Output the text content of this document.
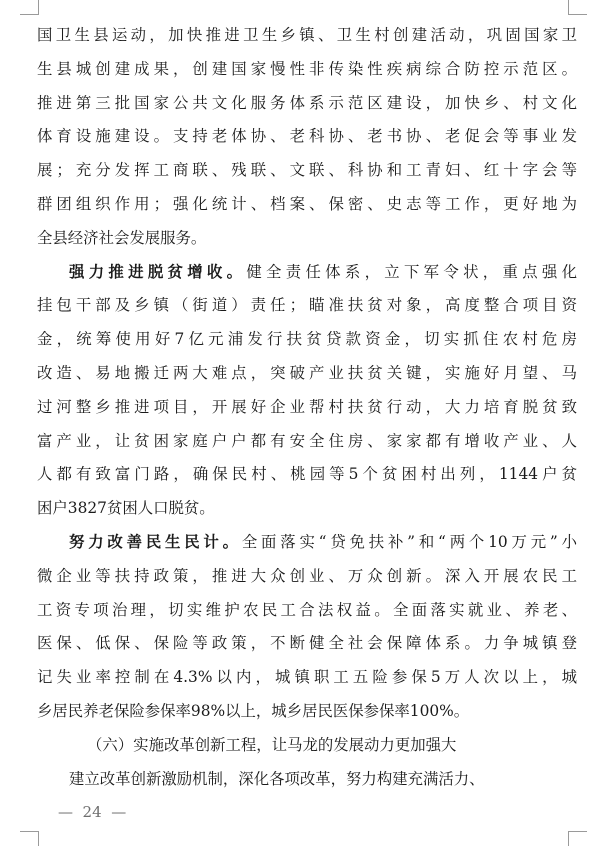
国卫生县运动，加快推进卫生乡镇、卫生村创建活动，巩固国家卫
生县城创建成果，创建国家慢性非传染性疾病综合防控示范区。
推进第三批国家公共文化服务体系示范区建设，加快乡、村文化
体育设施建设。支持老体协、老科协、老书协、老促会等事业发
展；充分发挥工商联、残联、文联、科协和工青妇、红十字会等
群团组织作用；强化统计、档案、保密、史志等工作，更好地为
全县经济社会发展服务。
强力推进脱贫增收。健全责任体系，立下军令状，重点强化
挂包干部及乡镇（街道）责任；瞄准扶贫对象，高度整合项目资
金，统筹使用好7亿元浦发行扶贫贷款资金，切实抓住农村危房
改造、易地搬迁两大难点，突破产业扶贫关键，实施好月望、马
过河整乡推进项目，开展好企业帮村扶贫行动，大力培育脱贫致
富产业，让贫困家庭户户都有安全住房、家家都有增收产业、人
人都有致富门路，确保民村、桃园等5个贫困村出列，1144户贫
困户3827贫困人口脱贫。
努力改善民生民计。全面落实“贷免扶补”和“两个10万元”小
微企业等扶持政策，推进大众创业、万众创新。深入开展农民工
工资专项治理，切实维护农民工合法权益。全面落实就业、养老、
医保、低保、保险等政策，不断健全社会保障体系。力争城镇登
记失业率控制在4.3%以内，城镇职工五险参保5万人次以上，城
乡居民养老保险参保率98%以上，城乡居民医保参保率100%。
（六）实施改革创新工程，让马龙的发展动力更加强大
建立改革创新激励机制，深化各项改革，努力构建充满活力、
— 24 —
